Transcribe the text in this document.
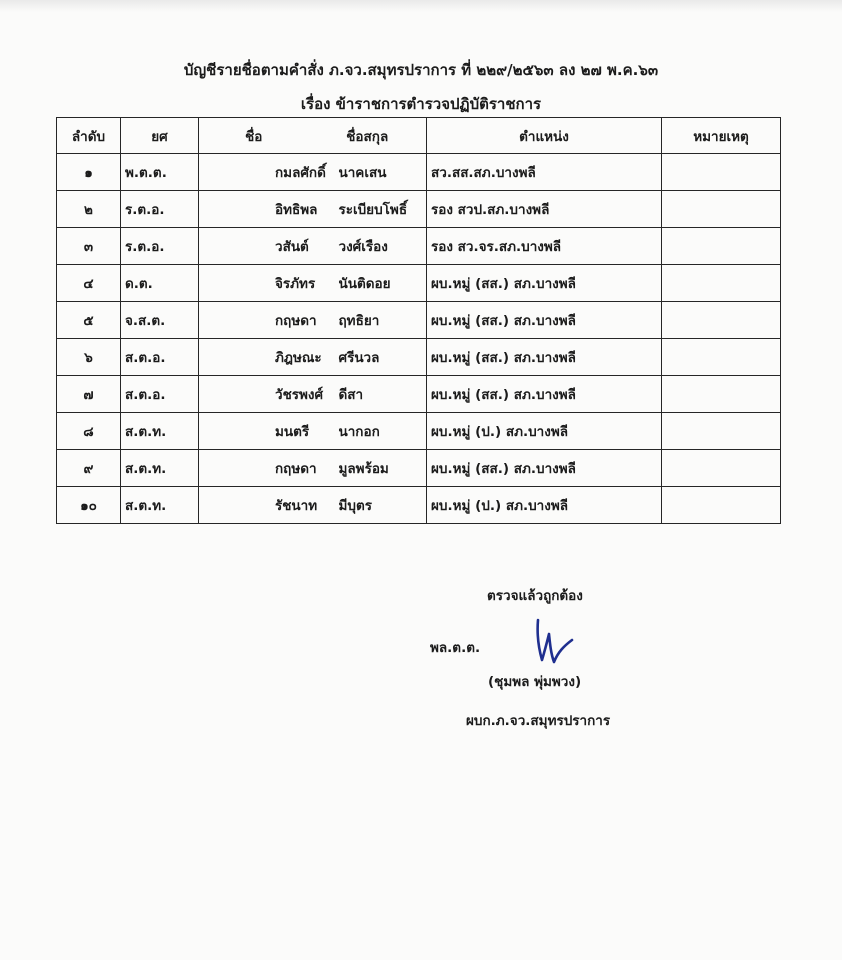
บัญชีรายชื่อตามคำสั่ง ภ.จว.สมุทรปราการ ที่ ๒๒๙/๒๕๖๓ ลง ๒๗ พ.ค.๖๓
เรื่อง ข้าราชการตำรวจปฏิบัติราชการ
ลำดับ	ยศ	ชื่อ	ชื่อสกุล	ตำแหน่ง	หมายเหตุ
๑	พ.ต.ต.	กมลศักดิ์	นาคเสน	สว.สส.สภ.บางพลี	
๒	ร.ต.อ.	อิทธิพล	ระเบียบโพธิ์	รอง สวป.สภ.บางพลี	
๓	ร.ต.อ.	วสันต์	วงศ์เรือง	รอง สว.จร.สภ.บางพลี	
๔	ด.ต.	จิรภัทร	นันติดอย	ผบ.หมู่ (สส.) สภ.บางพลี	
๕	จ.ส.ต.	กฤษดา	ฤทธิยา	ผบ.หมู่ (สส.) สภ.บางพลี	
๖	ส.ต.อ.	ภิฎษณะ	ศรีนวล	ผบ.หมู่ (สส.) สภ.บางพลี	
๗	ส.ต.อ.	วัชรพงศ์	ดีสา	ผบ.หมู่ (สส.) สภ.บางพลี	
๘	ส.ต.ท.	มนตรี	นากอก	ผบ.หมู่ (ป.) สภ.บางพลี	
๙	ส.ต.ท.	กฤษดา	มูลพร้อม	ผบ.หมู่ (สส.) สภ.บางพลี	
๑๐	ส.ต.ท.	รัชนาท	มีบุตร	ผบ.หมู่ (ป.) สภ.บางพลี	
ตรวจแล้วถูกต้อง
พล.ต.ต.
(ชุมพล พุ่มพวง)
ผบก.ภ.จว.สมุทรปราการ
